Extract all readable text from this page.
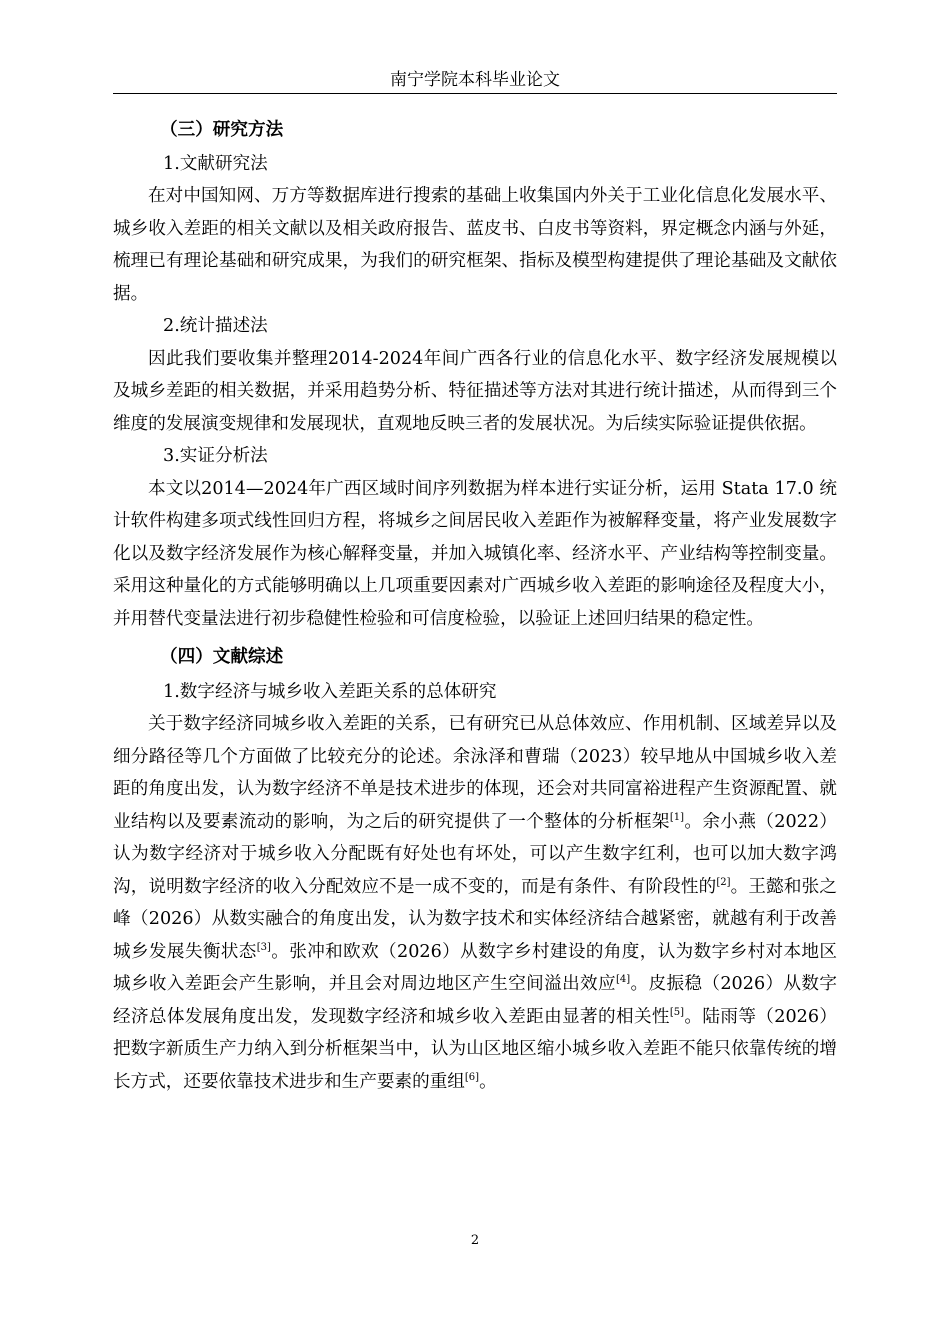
南宁学院本科毕业论文
（三）研究方法
1.文献研究法

在对中国知网、万方等数据库进行搜索的基础上收集国内外关于工业化信息化发展水平、城乡收入差距的相关文献以及相关政府报告、蓝皮书、白皮书等资料，界定概念内涵与外延，梳理已有理论基础和研究成果，为我们的研究框架、指标及模型构建提供了理论基础及文献依据。

2.统计描述法

因此我们要收集并整理2014-2024年间广西各行业的信息化水平、数字经济发展规模以及城乡差距的相关数据，并采用趋势分析、特征描述等方法对其进行统计描述，从而得到三个维度的发展演变规律和发展现状，直观地反映三者的发展状况。为后续实际验证提供依据。

3.实证分析法

本文以2014—2024年广西区域时间序列数据为样本进行实证分析，运用 Stata 17.0 统计软件构建多项式线性回归方程，将城乡之间居民收入差距作为被解释变量，将产业发展数字化以及数字经济发展作为核心解释变量，并加入城镇化率、经济水平、产业结构等控制变量。采用这种量化的方式能够明确以上几项重要因素对广西城乡收入差距的影响途径及程度大小，并用替代变量法进行初步稳健性检验和可信度检验，以验证上述回归结果的稳定性。

（四）文献综述
1.数字经济与城乡收入差距关系的总体研究

关于数字经济同城乡收入差距的关系，已有研究已从总体效应、作用机制、区域差异以及细分路径等几个方面做了比较充分的论述。余泳泽和曹瑞（2023）较早地从中国城乡收入差距的角度出发，认为数字经济不单是技术进步的体现，还会对共同富裕进程产生资源配置、就业结构以及要素流动的影响，为之后的研究提供了一个整体的分析框架[1]。余小燕（2022）认为数字经济对于城乡收入分配既有好处也有坏处，可以产生数字红利，也可以加大数字鸿沟，说明数字经济的收入分配效应不是一成不变的，而是有条件、有阶段性的[2]。王懿和张之峰（2026）从数实融合的角度出发，认为数字技术和实体经济结合越紧密，就越有利于改善城乡发展失衡状态[3]。张冲和欧欢（2026）从数字乡村建设的角度，认为数字乡村对本地区城乡收入差距会产生影响，并且会对周边地区产生空间溢出效应[4]。皮振稳（2026）从数字经济总体发展角度出发，发现数字经济和城乡收入差距由显著的相关性[5]。陆雨等（2026）把数字新质生产力纳入到分析框架当中，认为山区地区缩小城乡收入差距不能只依靠传统的增长方式，还要依靠技术进步和生产要素的重组[6]。

2
